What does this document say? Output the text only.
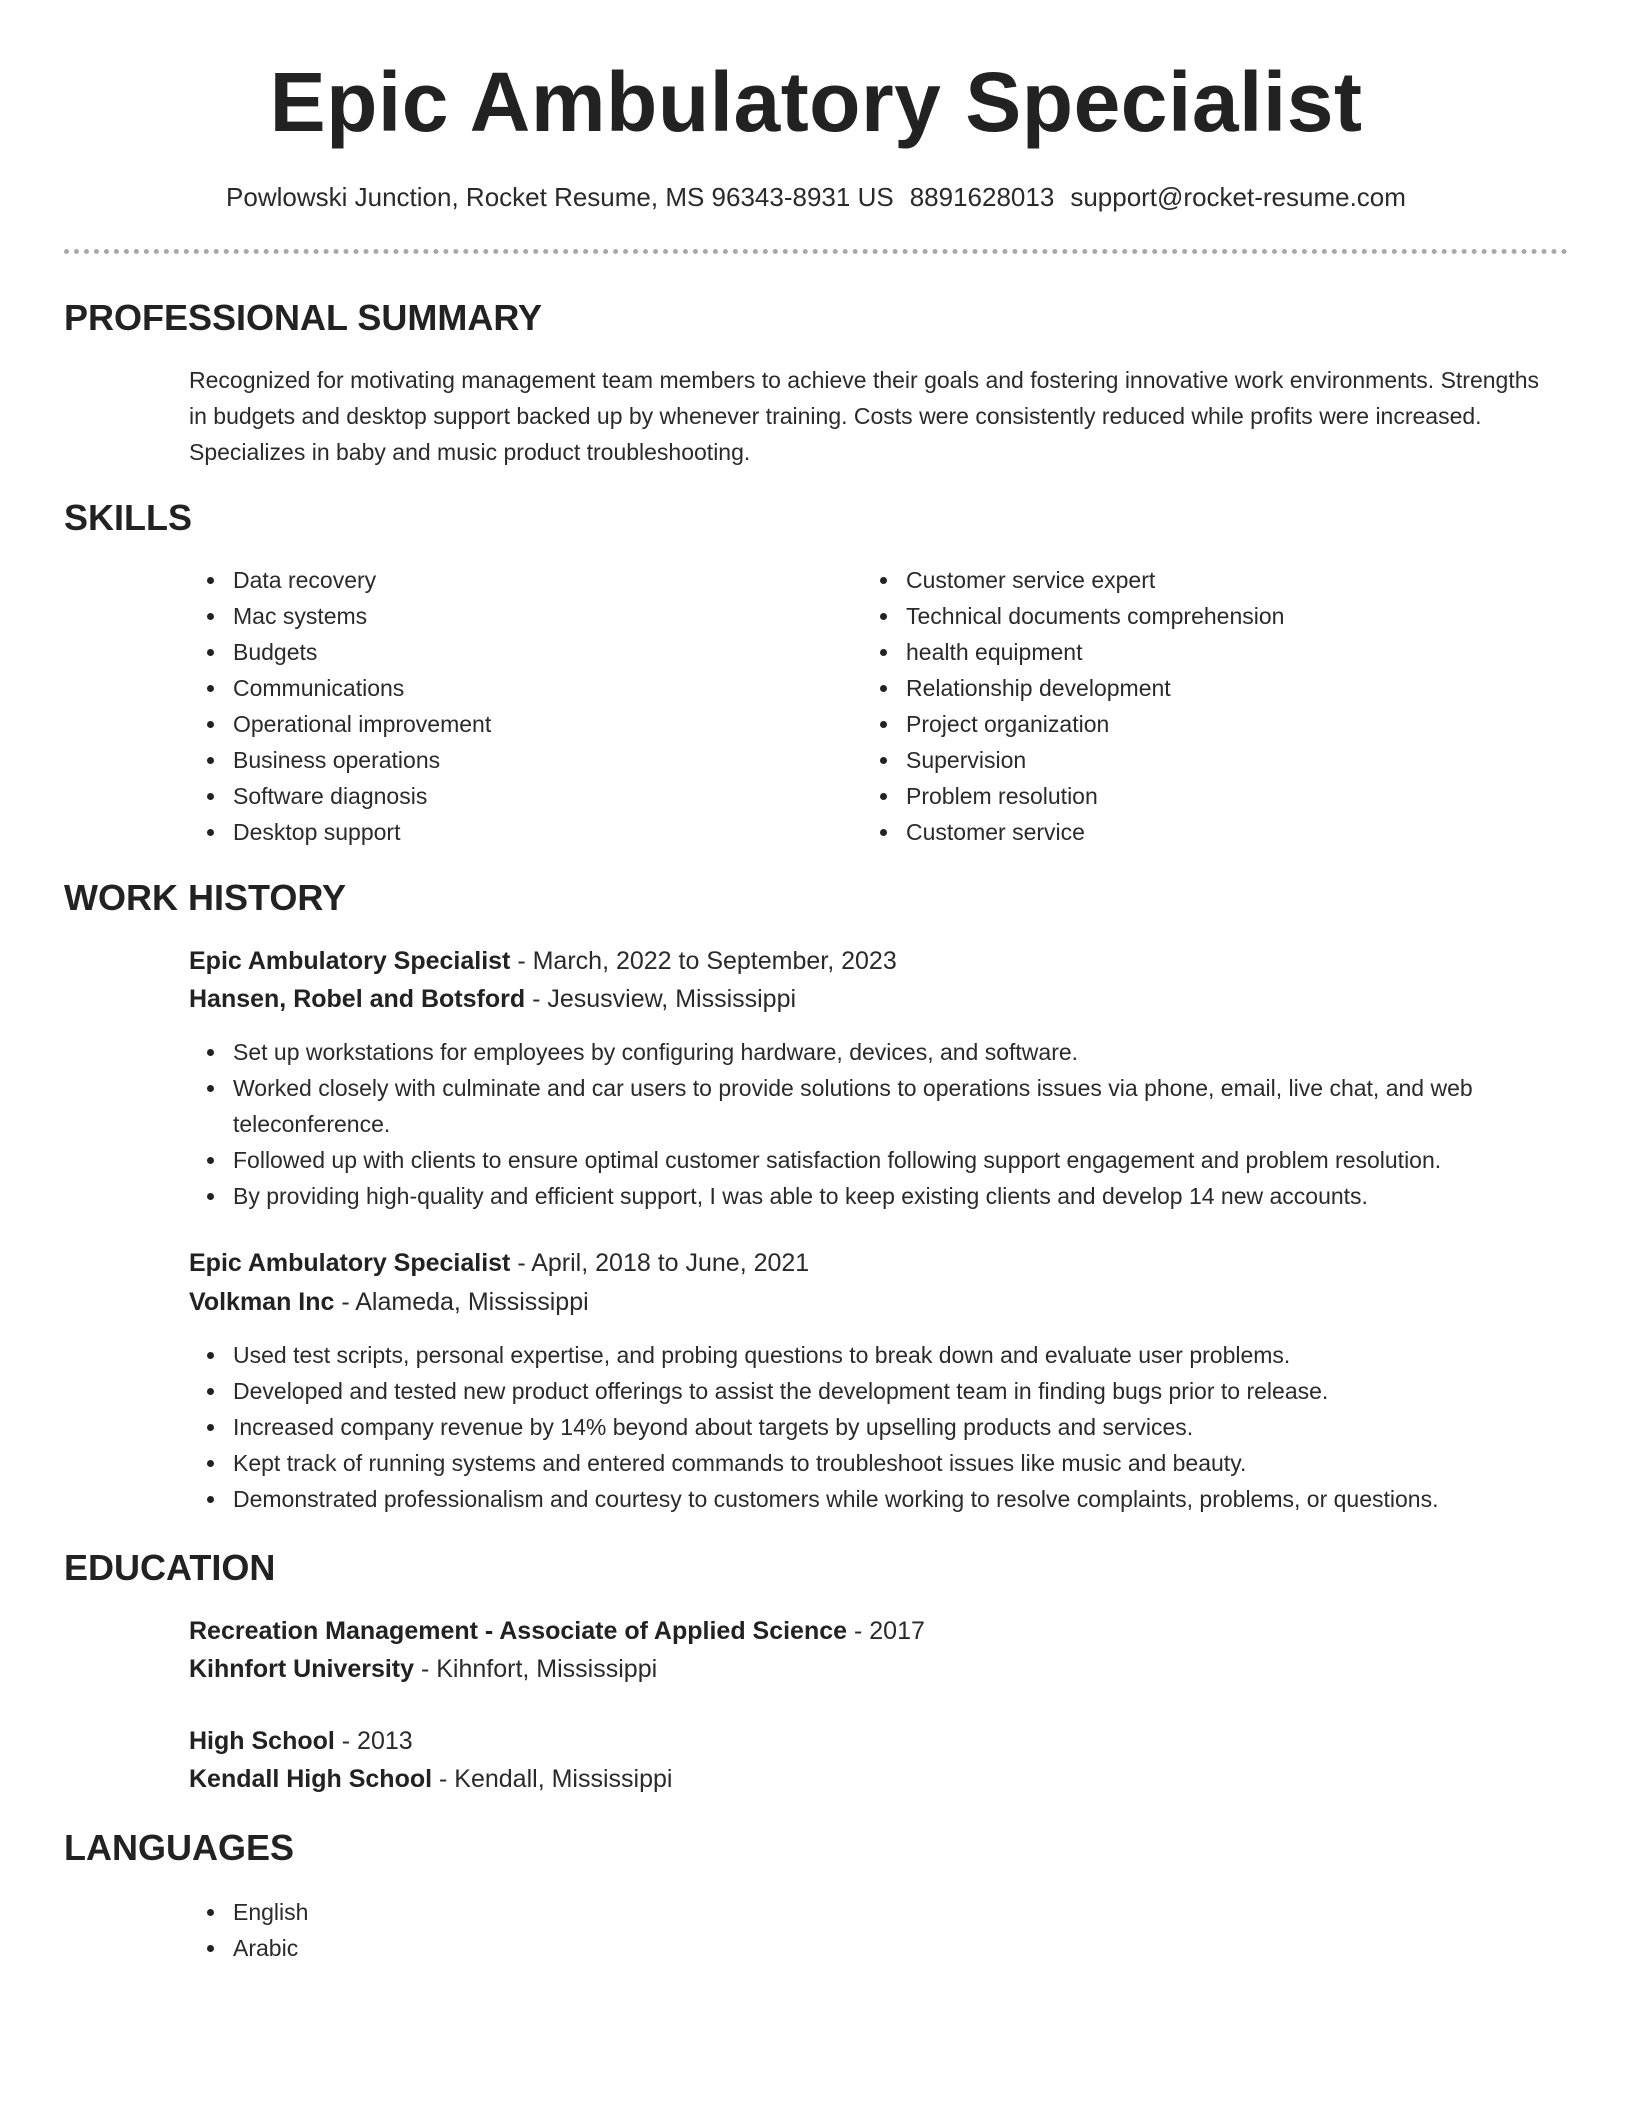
Epic Ambulatory Specialist
Powlowski Junction, Rocket Resume, MS 96343-8931 US 8891628013 support@rocket-resume.com
PROFESSIONAL SUMMARY
Recognized for motivating management team members to achieve their goals and fostering innovative work environments. Strengths in budgets and desktop support backed up by whenever training. Costs were consistently reduced while profits were increased. Specializes in baby and music product troubleshooting.
SKILLS
Data recovery
Mac systems
Budgets
Communications
Operational improvement
Business operations
Software diagnosis
Desktop support
Customer service expert
Technical documents comprehension
health equipment
Relationship development
Project organization
Supervision
Problem resolution
Customer service
WORK HISTORY
Epic Ambulatory Specialist - March, 2022 to September, 2023
Hansen, Robel and Botsford - Jesusview, Mississippi
Set up workstations for employees by configuring hardware, devices, and software.
Worked closely with culminate and car users to provide solutions to operations issues via phone, email, live chat, and web teleconference.
Followed up with clients to ensure optimal customer satisfaction following support engagement and problem resolution.
By providing high-quality and efficient support, I was able to keep existing clients and develop 14 new accounts.
Epic Ambulatory Specialist - April, 2018 to June, 2021
Volkman Inc - Alameda, Mississippi
Used test scripts, personal expertise, and probing questions to break down and evaluate user problems.
Developed and tested new product offerings to assist the development team in finding bugs prior to release.
Increased company revenue by 14% beyond about targets by upselling products and services.
Kept track of running systems and entered commands to troubleshoot issues like music and beauty.
Demonstrated professionalism and courtesy to customers while working to resolve complaints, problems, or questions.
EDUCATION
Recreation Management - Associate of Applied Science - 2017
Kihnfort University - Kihnfort, Mississippi
High School - 2013
Kendall High School - Kendall, Mississippi
LANGUAGES
English
Arabic
